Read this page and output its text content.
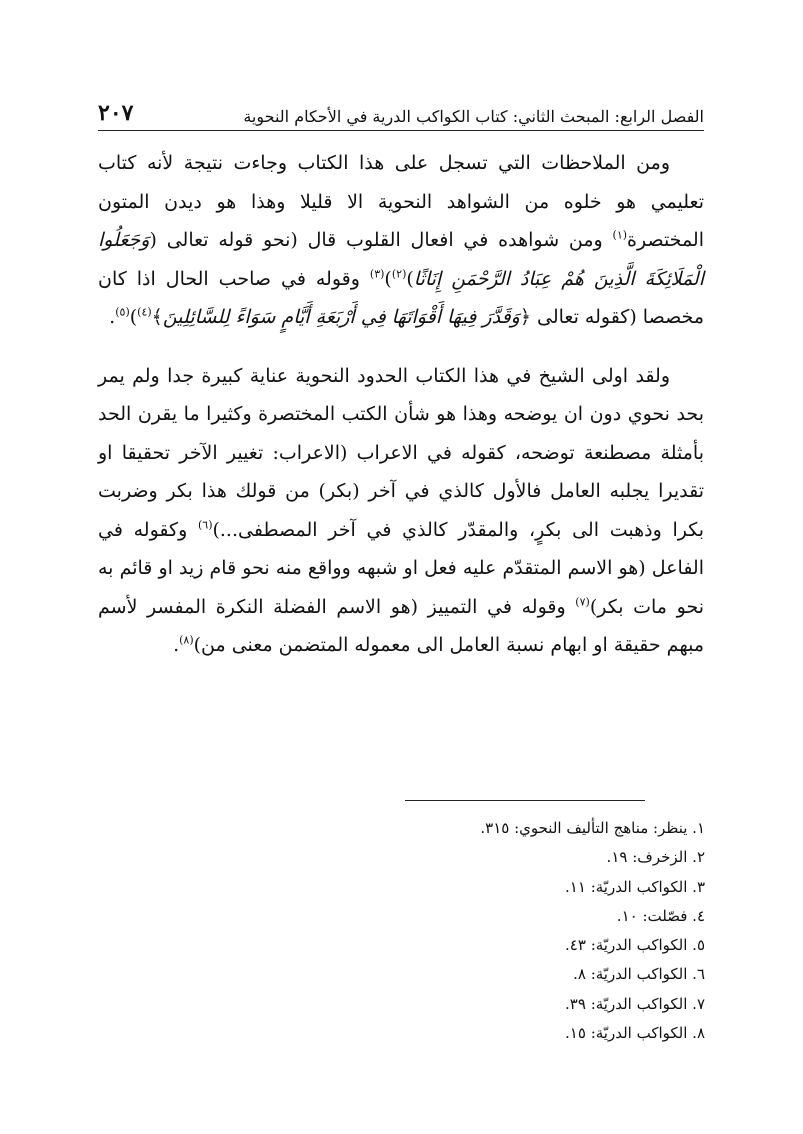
الفصل الرابع: المبحث الثاني: كتاب الكواكب الدرية في الأحكام النحوية
٢٠٧

ومن الملاحظات التي تسجل على هذا الكتاب وجاءت نتيجة لأنه كتاب تعليمي هو خلوه من الشواهد النحوية الا قليلا وهذا هو ديدن المتون المختصرة$^{(١)}$ ومن شواهده في افعال القلوب قال (نحو قوله تعالى (وَجَعَلُوا الْمَلَائِكَةَ الَّذِينَ هُمْ عِبَادُ الرَّحْمَنِ إِنَاثًا)$^{(٢)}$)$^{(٣)}$ وقوله في صاحب الحال اذا كان مخصصا (كقوله تعالى ﴿وَقَدَّرَ فِيهَا أَقْوَاتَهَا فِي أَرْبَعَةِ أَيَّامٍ سَوَاءً لِلسَّائِلِينَ﴾$^{(٤)}$)$^{(٥)}$.

ولقد اولى الشيخ في هذا الكتاب الحدود النحوية عناية كبيرة جدا ولم يمر بحد نحوي دون ان يوضحه وهذا هو شأن الكتب المختصرة وكثيرا ما يقرن الحد بأمثلة مصطنعة توضحه، كقوله في الاعراب (الاعراب: تغيير الآخر تحقيقا او تقديرا يجلبه العامل فالأول كالذي في آخر (بكر) من قولك هذا بكر وضربت بكرا وذهبت الى بكرٍ، والمقدّر كالذي في آخر المصطفى...)$^{(٦)}$ وكقوله في الفاعل (هو الاسم المتقدّم عليه فعل او شبهه وواقع منه نحو قام زيد او قائم به نحو مات بكر)$^{(٧)}$ وقوله في التمييز (هو الاسم الفضلة النكرة المفسر لأسم مبهم حقيقة او ابهام نسبة العامل الى معموله المتضمن معنى من)$^{(٨)}$.

١. ينظر: مناهج التأليف النحوي: ٣١٥.
٢. الزخرف: ١٩.
٣. الكواكب الدريّة: ١١.
٤. فصّلت: ١٠.
٥. الكواكب الدريّة: ٤٣.
٦. الكواكب الدريّة: ٨.
٧. الكواكب الدريّة: ٣٩.
٨. الكواكب الدريّة: ١٥.
